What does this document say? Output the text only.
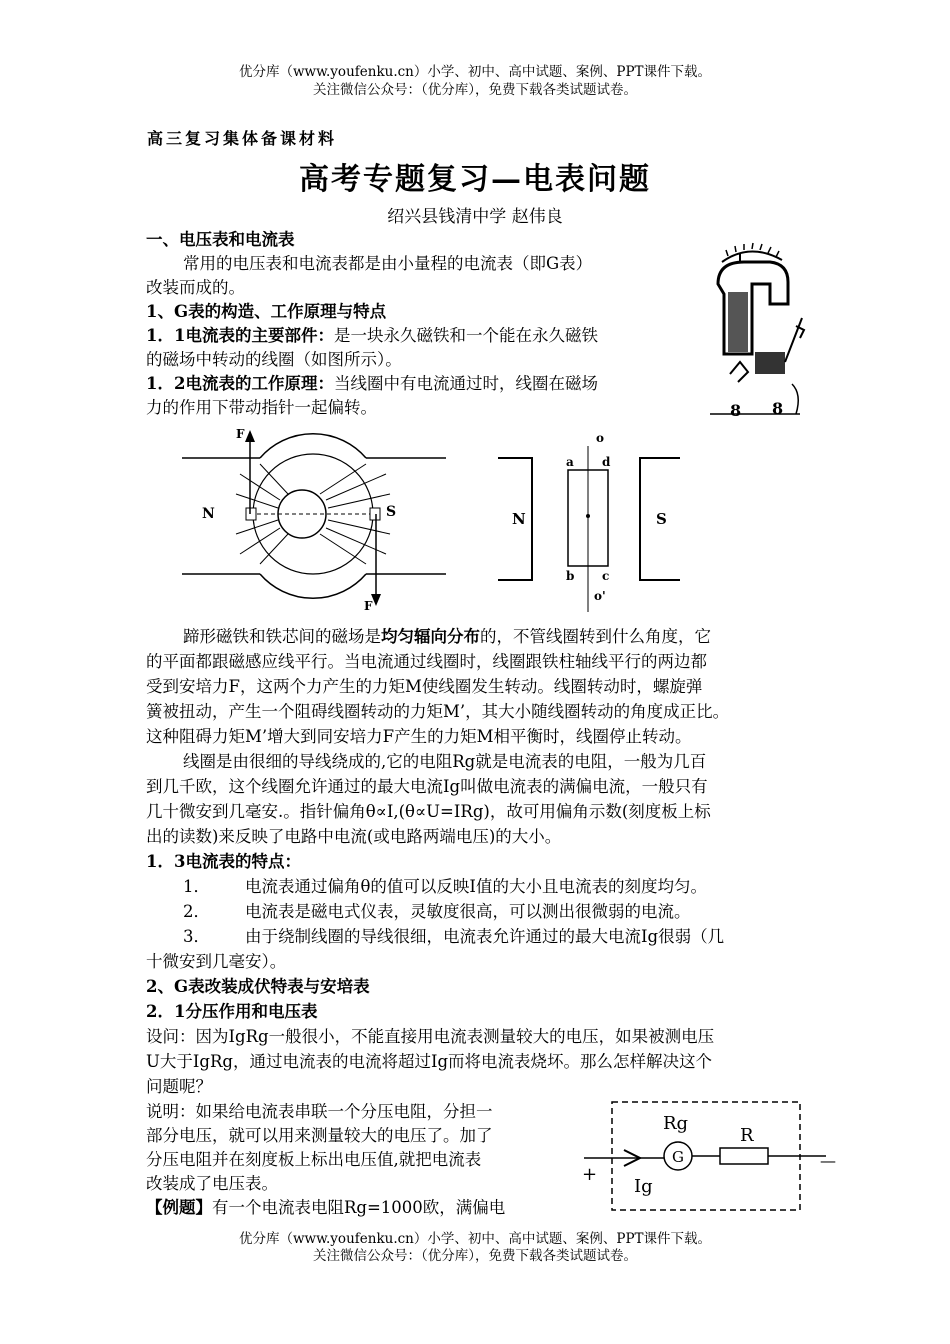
优分库（www.youfenku.cn）小学、初中、高中试题、案例、PPT课件下载。
关注微信公众号：（优分库），免费下载各类试题试卷。
高三复习集体备课材料
高考专题复习—电表问题
绍兴县钱清中学 赵伟良
一、电压表和电流表
常用的电压表和电流表都是由小量程的电流表（即G表）
改装而成的。
1、G表的构造、工作原理与特点
1．1电流表的主要部件：是一块永久磁铁和一个能在永久磁铁
的磁场中转动的线圈（如图所示）。
1．2电流表的工作原理：当线圈中有电流通过时，线圈在磁场
力的作用下带动指针一起偏转。	8 8
N	S
F
F
N	S
o
o'
a d
b c
蹄形磁铁和铁芯间的磁场是均匀辐向分布的，不管线圈转到什么角度，它
的平面都跟磁感应线平行。当电流通过线圈时，线圈跟铁柱轴线平行的两边都
受到安培力F，这两个力产生的力矩M使线圈发生转动。线圈转动时，螺旋弹
簧被扭动，产生一个阻碍线圈转动的力矩M’，其大小随线圈转动的角度成正比。
这种阻碍力矩M’增大到同安培力F产生的力矩M相平衡时，线圈停止转动。
线圈是由很细的导线绕成的,它的电阻Rg就是电流表的电阻，一般为几百
到几千欧，这个线圈允许通过的最大电流Ig叫做电流表的满偏电流，一般只有
几十微安到几毫安.。指针偏角θ∝I,(θ∝U=IRg)，故可用偏角示数(刻度板上标
出的读数)来反映了电路中电流(或电路两端电压)的大小。
1．3电流表的特点：
1． 电流表通过偏角θ的值可以反映I值的大小且电流表的刻度均匀。
2． 电流表是磁电式仪表，灵敏度很高，可以测出很微弱的电流。
3． 由于绕制线圈的导线很细，电流表允许通过的最大电流Ig很弱（几
十微安到几毫安）。
2、G表改装成伏特表与安培表
2．1分压作用和电压表
设问：因为IgRg一般很小，不能直接用电流表测量较大的电压，如果被测电压
U大于IgRg，通过电流表的电流将超过Ig而将电流表烧坏。那么怎样解决这个
问题呢？
说明：如果给电流表串联一个分压电阻，分担一
部分电压，就可以用来测量较大的电压了。加了
分压电阻并在刻度板上标出电压值,就把电流表
改装成了电压表。
【例题】有一个电流表电阻Rg=1000欧，满偏电
Rg
R
G
Ig
+
—
优分库（www.youfenku.cn）小学、初中、高中试题、案例、PPT课件下载。
关注微信公众号：（优分库），免费下载各类试题试卷。
